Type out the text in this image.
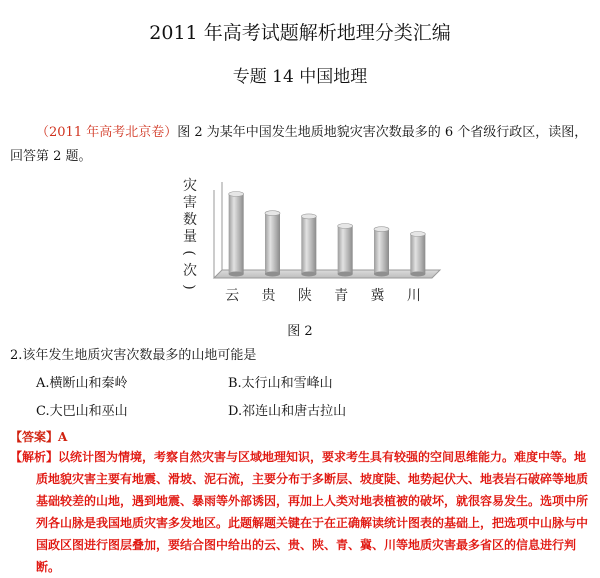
2011 年高考试题解析地理分类汇编
专题 14 中国地理
（2011 年高考北京卷）图 2 为某年中国发生地质地貌灾害次数最多的 6 个省级行政区，读图，回答第 2 题。
灾
害
数
量
(
次
)
云 贵 陕 青 冀 川
图 2
2.该年发生地质灾害次数最多的山地可能是
A.横断山和秦岭	B.太行山和雪峰山
C.大巴山和巫山	D.祁连山和唐古拉山
【答案】A
【解析】以统计图为情境，考察自然灾害与区域地理知识，要求考生具有较强的空间思维能力。难度中等。地质地貌灾害主要有地震、滑坡、泥石流，主要分布于多断层、坡度陡、地势起伏大、地表岩石破碎等地质基础较差的山地，遇到地震、暴雨等外部诱因，再加上人类对地表植被的破坏，就很容易发生。选项中所列各山脉是我国地质灾害多发地区。此题解题关键在于在正确解读统计图表的基础上，把选项中山脉与中国政区图进行图层叠加，要结合图中给出的云、贵、陕、青、冀、川等地质灾害最多省区的信息进行判断。
